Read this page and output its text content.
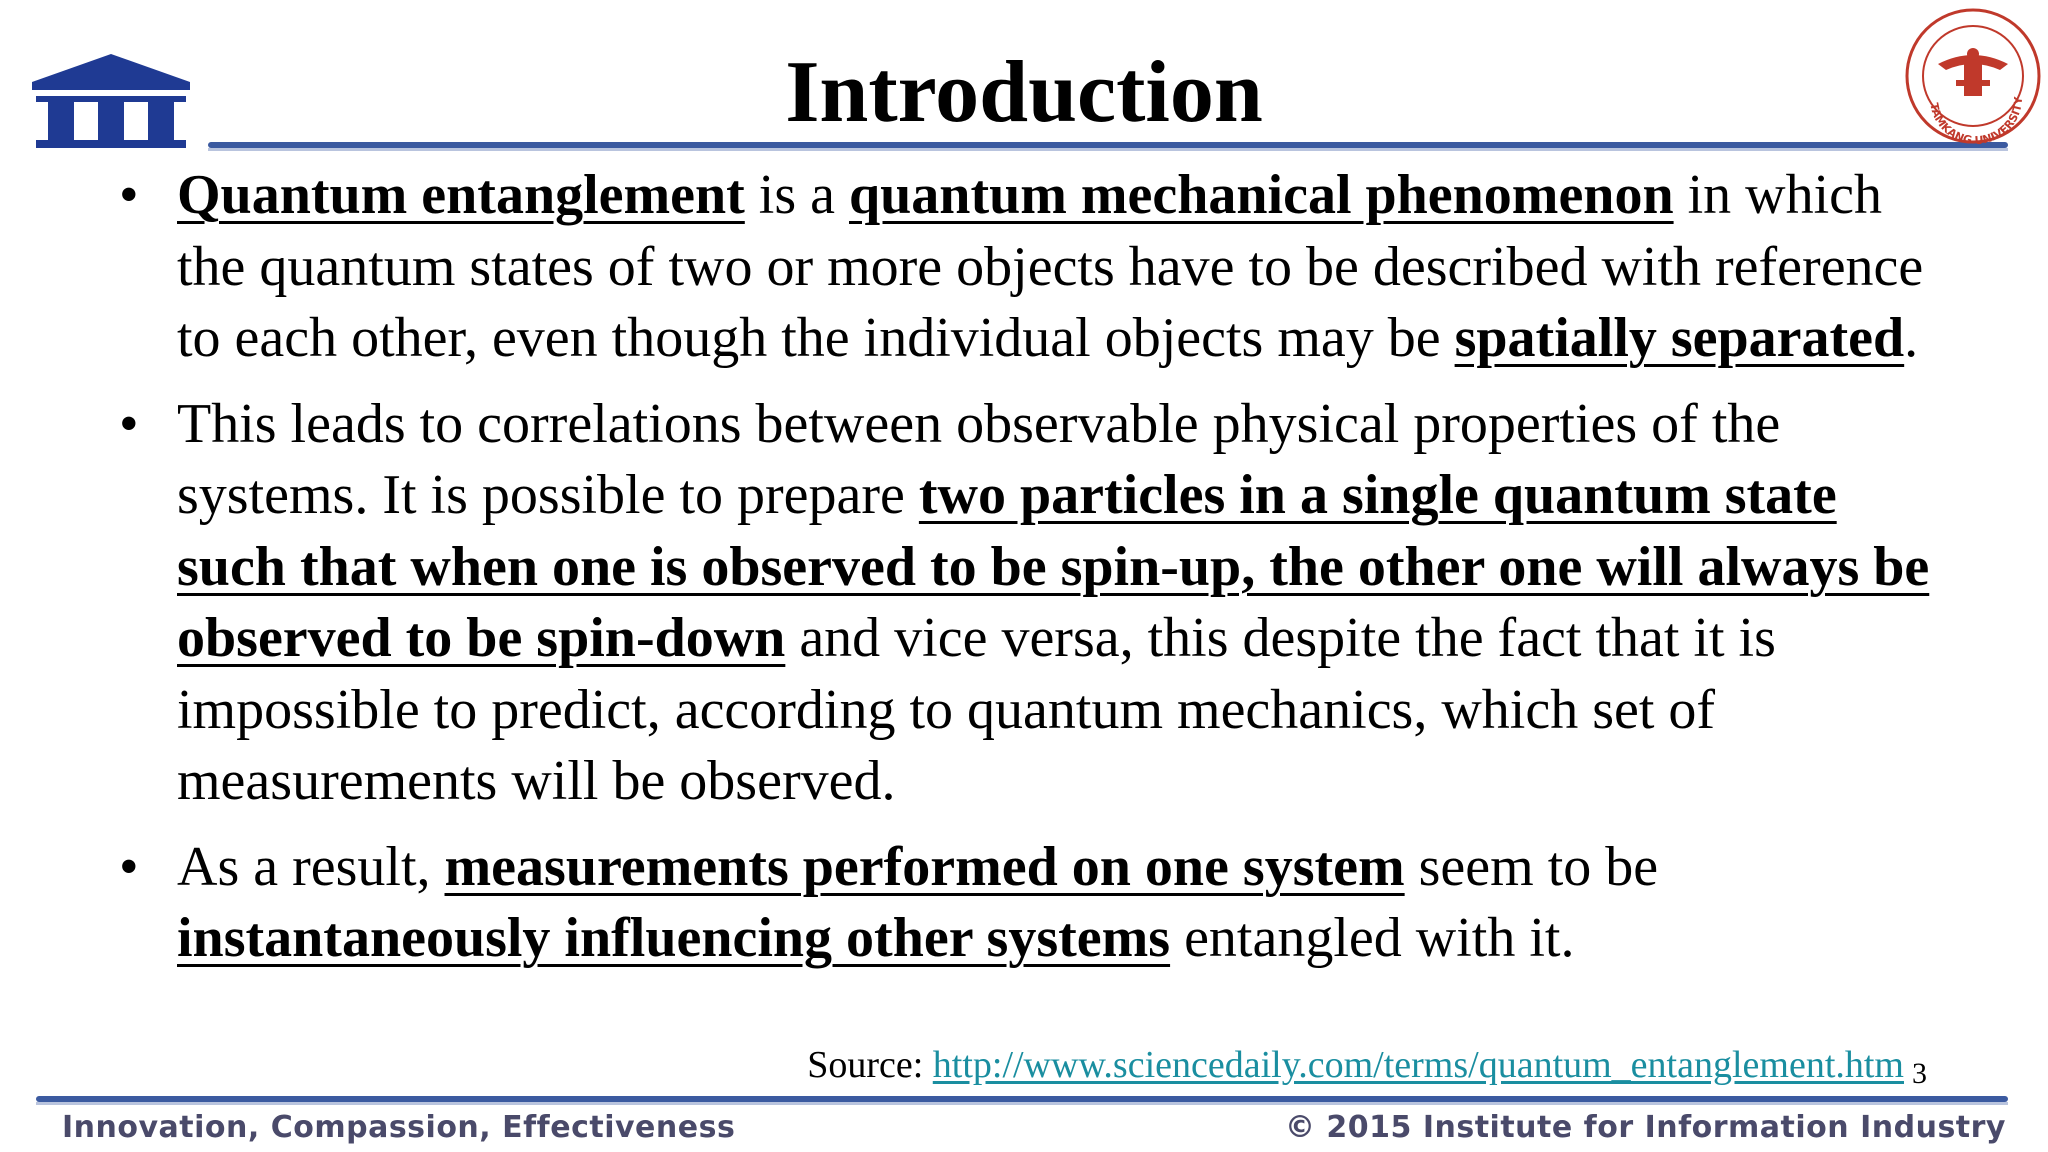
Introduction	TAMKANG UNIVERSITY
• Quantum entanglement is a quantum mechanical phenomenon in which the quantum states of two or more objects have to be described with reference to each other, even though the individual objects may be spatially separated.
• This leads to correlations between observable physical properties of the systems. It is possible to prepare two particles in a single quantum state such that when one is observed to be spin-up, the other one will always be observed to be spin-down and vice versa, this despite the fact that it is impossible to predict, according to quantum mechanics, which set of measurements will be observed.
• As a result, measurements performed on one system seem to be instantaneously influencing other systems entangled with it.
Source: http://www.sciencedaily.com/terms/quantum_entanglement.htm 3
Innovation, Compassion, Effectiveness	© 2015 Institute for Information Industry
